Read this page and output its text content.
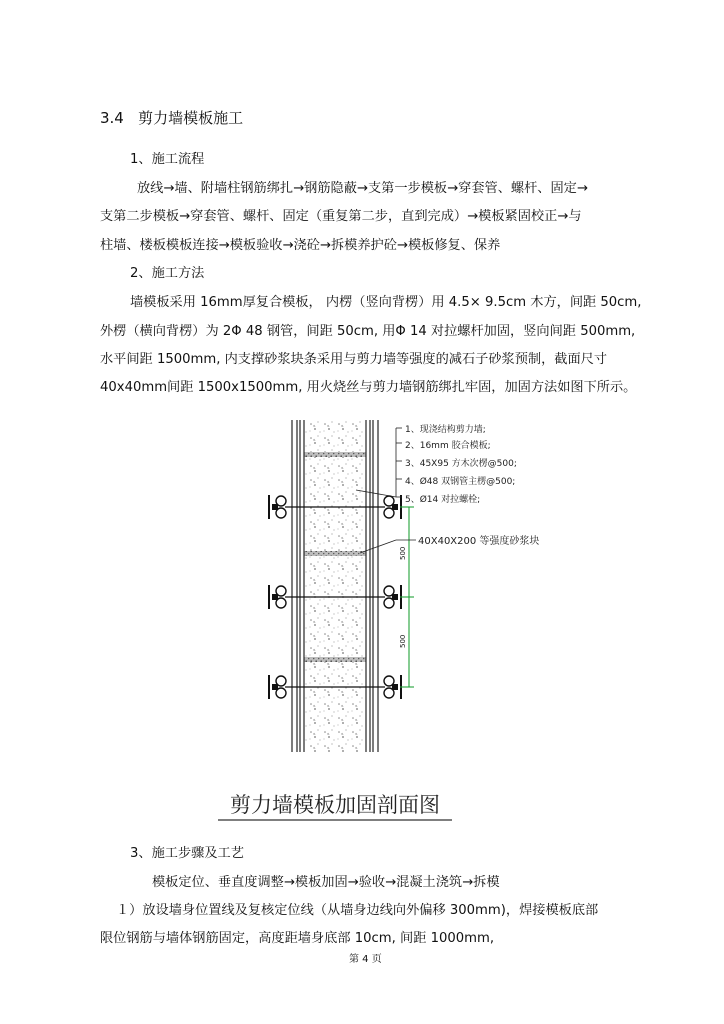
3.4 剪力墙模板施工
1、施工流程
放线→墙、附墙柱钢筋绑扎→钢筋隐蔽→支第一步模板→穿套管、螺杆、固定→
支第二步模板→穿套管、螺杆、固定（重复第二步，直到完成）→模板紧固校正→与
柱墙、楼板模板连接→模板验收→浇砼→拆模养护砼→模板修复、保养
2、施工方法
墙模板采用 16mm厚复合模板， 内楞（竖向背楞）用 4.5× 9.5cm 木方，间距 50cm,
外楞（横向背楞）为 2Φ 48 钢管，间距 50cm, 用Φ 14 对拉螺杆加固，竖向间距 500mm,
水平间距 1500mm, 内支撑砂浆块条采用与剪力墙等强度的减石子砂浆预制，截面尺寸
40x40mm间距 1500x1500mm, 用火烧丝与剪力墙钢筋绑扎牢固，加固方法如图下所示。
500
500
1、现浇结构剪力墙;
2、16mm 胶合模板;
3、45X95 方木次楞@500;
4、Ø48 双钢管主楞@500;
5、Ø14 对拉螺栓;
40X40X200 等强度砂浆块
剪力墙模板加固剖面图
3、施工步骤及工艺
模板定位、垂直度调整→模板加固→验收→混凝土浇筑→拆模
１）放设墙身位置线及复核定位线（从墙身边线向外偏移 300mm)，焊接模板底部
限位钢筋与墙体钢筋固定，高度距墙身底部 10cm, 间距 1000mm,
第 4 页
